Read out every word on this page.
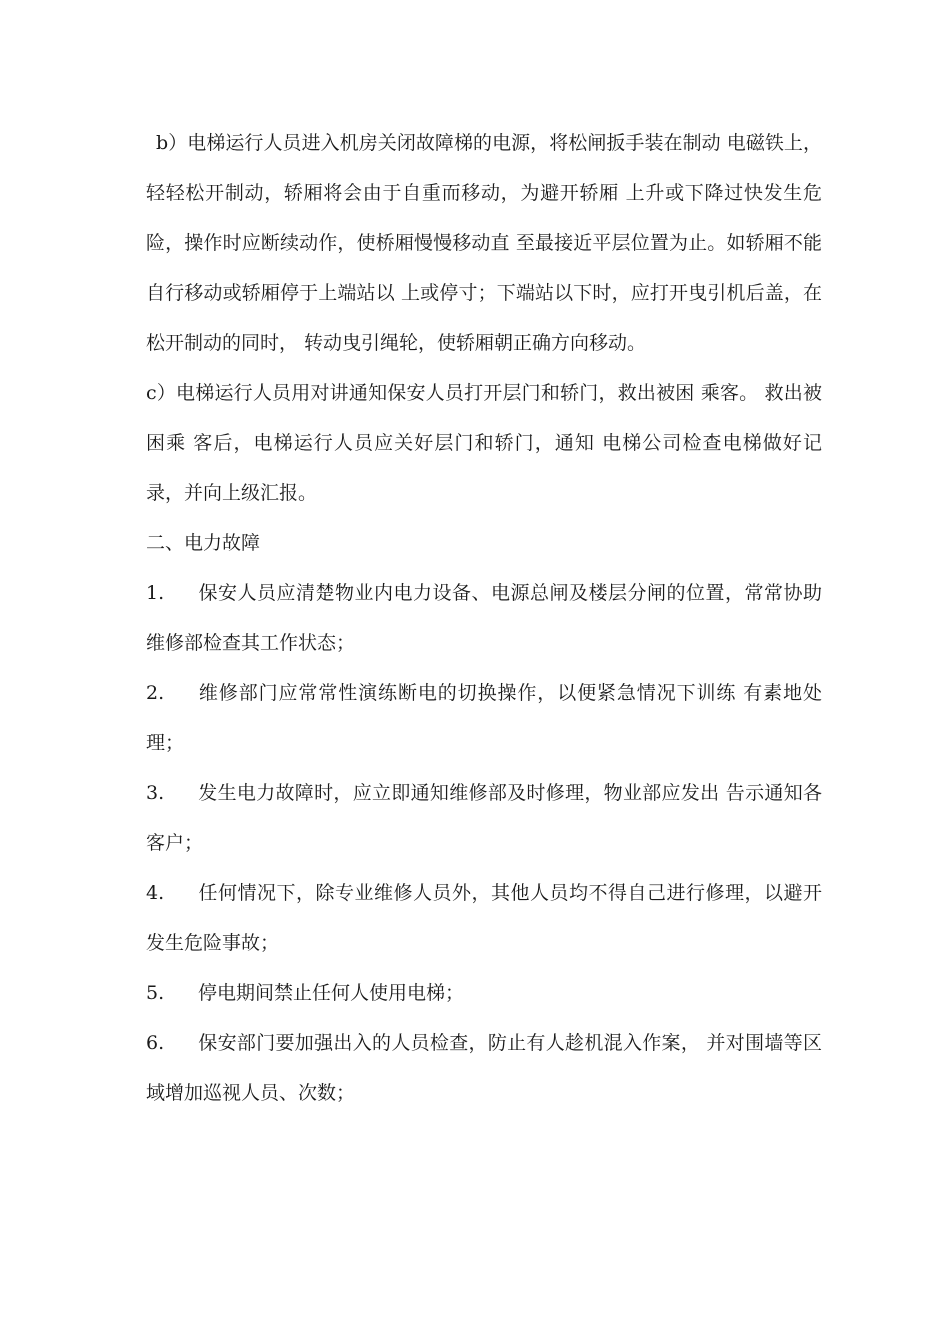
b）电梯运行人员进入机房关闭故障梯的电源，将松闸扳手装在制动 电磁铁上，轻轻松开制动，轿厢将会由于自重而移动，为避开轿厢 上升或下降过快发生危险，操作时应断续动作，使桥厢慢慢移动直 至最接近平层位置为止。如轿厢不能自行移动或轿厢停于上端站以 上或停寸；下端站以下时，应打开曳引机后盖，在松开制动的同时， 转动曳引绳轮，使轿厢朝正确方向移动。

c）电梯运行人员用对讲通知保安人员打开层门和轿门，救出被困 乘客。 救出被困乘 客后，电梯运行人员应关好层门和轿门，通知 电梯公司检查电梯做好记录，并向上级汇报。

二、电力故障

1. 保安人员应清楚物业内电力设备、电源总闸及楼层分闸的位置，常常协助维修部检查其工作状态；

2. 维修部门应常常性演练断电的切换操作，以便紧急情况下训练 有素地处理；

3. 发生电力故障时，应立即通知维修部及时修理，物业部应发出 告示通知各客户；

4. 任何情况下，除专业维修人员外，其他人员均不得自己进行修理，以避开发生危险事故；

5. 停电期间禁止任何人使用电梯；

6. 保安部门要加强出入的人员检查，防止有人趁机混入作案， 并对围墙等区域增加巡视人员、次数；
